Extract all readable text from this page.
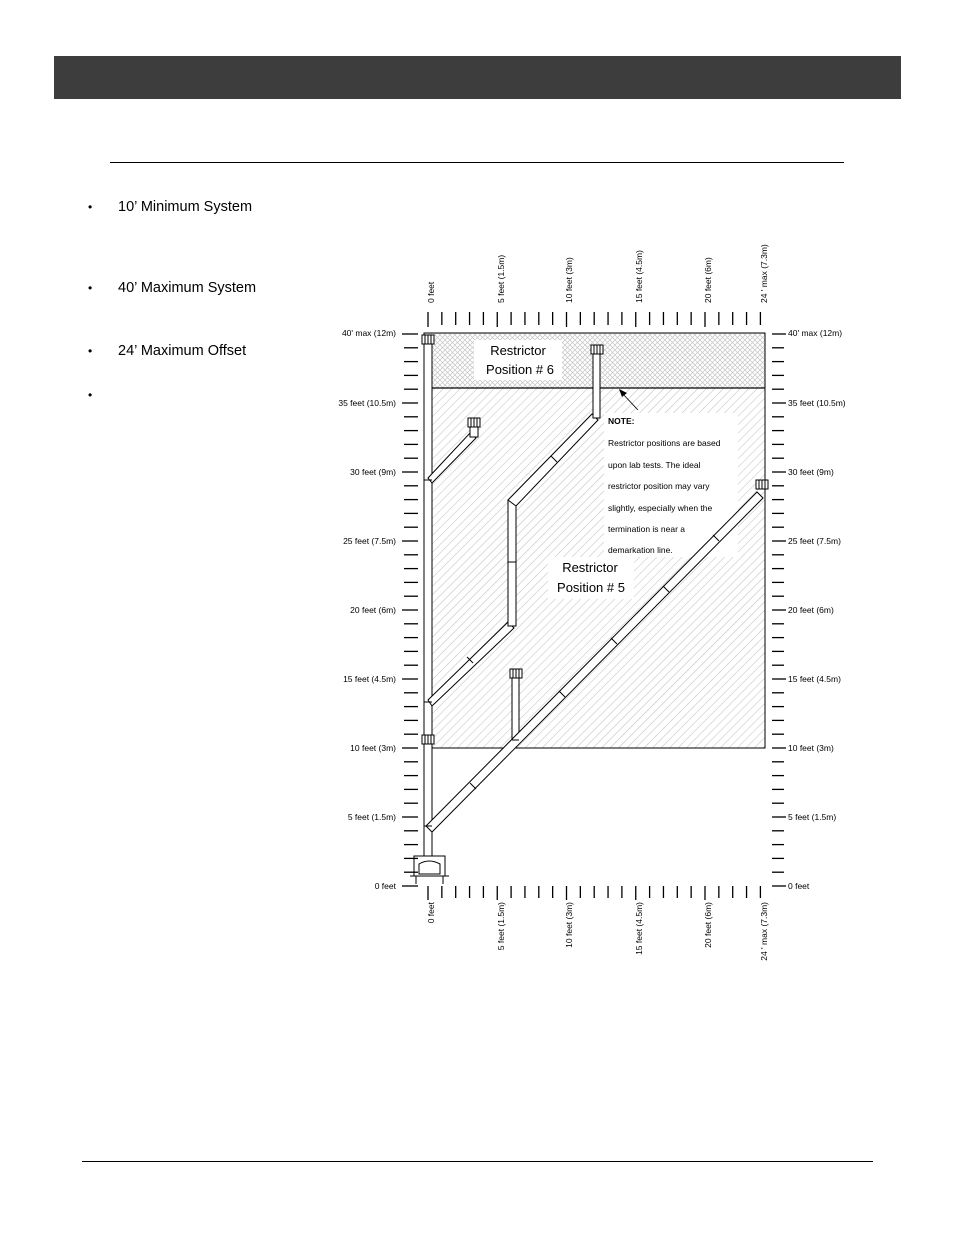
• 10’ Minimum System
• 40’ Maximum System
• 24’ Maximum Offset
•
Restrictor
Position # 6
Restrictor
Position # 5
NOTE:
Restrictor positions are based
upon lab tests. The ideal
restrictor position may vary
slightly, especially when the
termination is near a
demarkation line.
0 feet
5 feet (1.5m)
10 feet (3m)
15 feet (4.5m)
20 feet (6m)
25 feet (7.5m)
30 feet (9m)
35 feet (10.5m)
40' max (12m)
0 feet
5 feet (1.5m)
10 feet (3m)
15 feet (4.5m)
20 feet (6m)
25 feet (7.5m)
30 feet (9m)
35 feet (10.5m)
40' max (12m)
0 feet	5 feet (1.5m)	10 feet (3m)	15 feet (4.5m)	20 feet (6m)	24 ' max (7.3m)
0 feet	5 feet (1.5m)	10 feet (3m)	15 feet (4.5m)	20 feet (6m)	24 ' max (7.3m)
